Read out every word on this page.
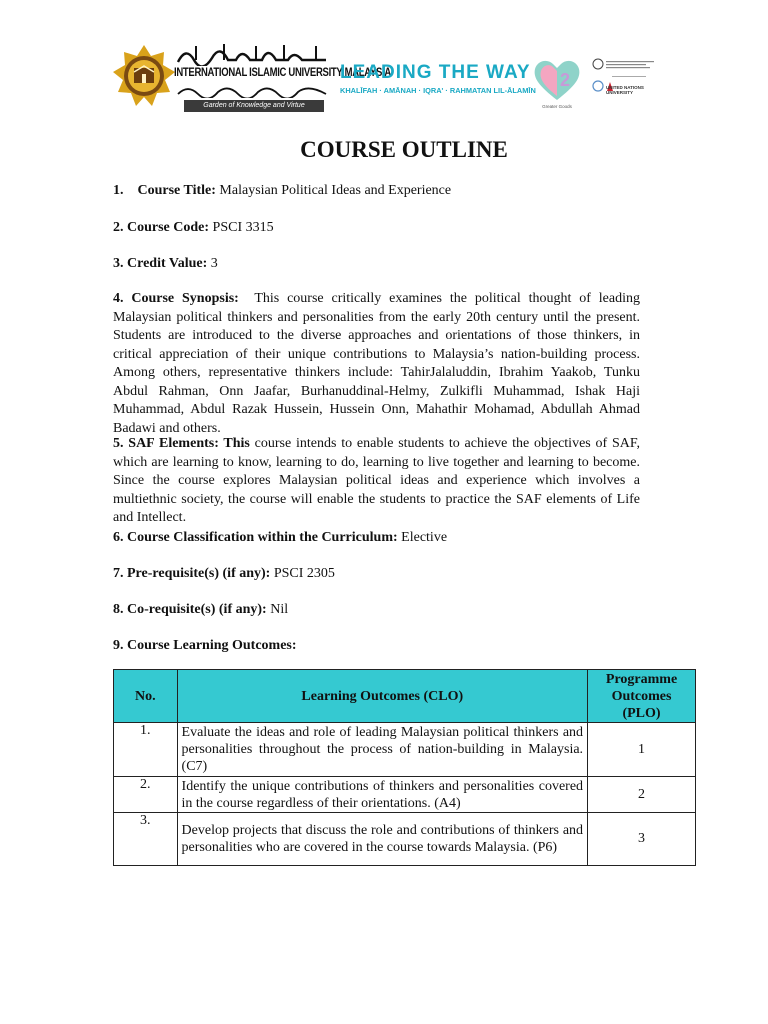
INTERNATIONAL ISLAMIC UNIVERSITY MALAYSIA
Garden of Knowledge and Virtue
LEADING THE WAY
KHALĪFAH · AMĀNAH · IQRA' · RAHMATAN LIL-ĀLAMĪN
2
Greater Goods
UNITED NATIONS
UNIVERSITY
COURSE OUTLINE
1. Course Title: Malaysian Political Ideas and Experience
2. Course Code: PSCI 3315
3. Credit Value: 3
4. Course Synopsis: This course critically examines the political thought of leading Malaysian political thinkers and personalities from the early 20th century until the present. Students are introduced to the diverse approaches and orientations of those thinkers, in critical appreciation of their unique contributions to Malaysia’s nation-building process. Among others, representative thinkers include: TahirJalaluddin, Ibrahim Yaakob, Tunku Abdul Rahman, Onn Jaafar, Burhanuddinal-Helmy, Zulkifli Muhammad, Ishak Haji Muhammad, Abdul Razak Hussein, Hussein Onn, Mahathir Mohamad, Abdullah Ahmad Badawi and others.
5. SAF Elements: This course intends to enable students to achieve the objectives of SAF, which are learning to know, learning to do, learning to live together and learning to become. Since the course explores Malaysian political ideas and experience which involves a multiethnic society, the course will enable the students to practice the SAF elements of Life and Intellect.
6. Course Classification within the Curriculum: Elective
7. Pre-requisite(s) (if any): PSCI 2305
8. Co-requisite(s) (if any): Nil
9. Course Learning Outcomes:
No.	Learning Outcomes (CLO)	Programme Outcomes (PLO)
1.	Evaluate the ideas and role of leading Malaysian political thinkers and personalities throughout the process of nation-building in Malaysia. (C7)	1
2.	Identify the unique contributions of thinkers and personalities covered in the course regardless of their orientations. (A4)	2
3.	Develop projects that discuss the role and contributions of thinkers and personalities who are covered in the course towards Malaysia. (P6)	3
